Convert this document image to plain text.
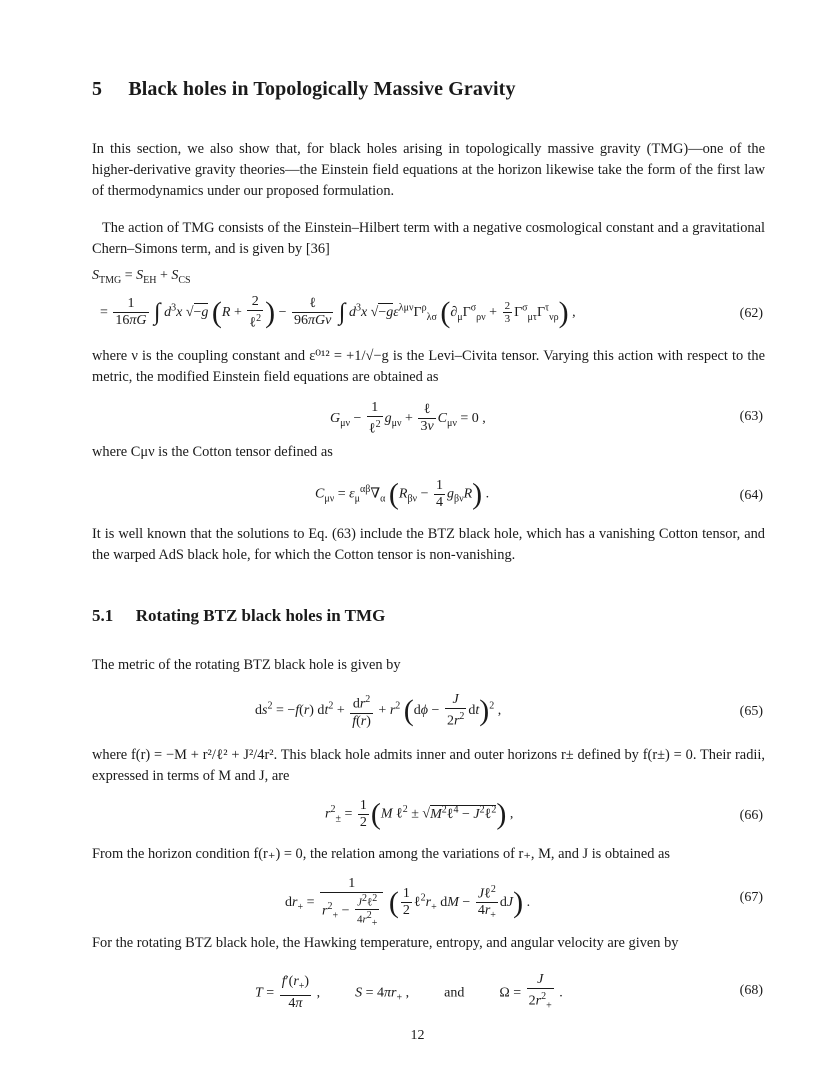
5 Black holes in Topologically Massive Gravity
In this section, we also show that, for black holes arising in topologically massive gravity (TMG)—one of the higher-derivative gravity theories—the Einstein field equations at the horizon likewise take the form of the first law of thermodynamics under our proposed formulation.
The action of TMG consists of the Einstein–Hilbert term with a negative cosmological constant and a gravitational Chern–Simons term, and is given by [36]
$S_{TMG} = S_{EH} + S_{CS}$
= $\frac{1}{16\pi G}$ ∫ $d^3x$ √−g ($R + \frac{2}{\ell^2}$ ) − $\frac{\text{ℓ}}{\text{96πGν}}$ ∫ $d^3x$ $√-g\varepsilon^{\lambda\mu\nu}\Gamma^\rho_{\lambda\sigma}$ $(\partial_\mu\Gamma^\sigma_{\rho\nu} + \frac{2}{3} \Gamma^\sigma_{\mu\tau}\Gamma^\tau_{\nu\rho})$ ,	(62)
where ν is the coupling constant and ε⁰¹² = +1/√−g is the Levi–Civita tensor. Varying this action with respect to the metric, the modified Einstein field equations are obtained as
$G_{\mu\nu} - \frac{1}{\ell^2} g_{\mu\nu} + \frac{\text{ℓ}}{3\nu} C_{\mu\nu} = 0$ ,	(63)
where Cμν is the Cotton tensor defined as
$C_{\mu\nu} = \varepsilon_\mu^{\alpha\beta}\nabla_\alpha$ $(R_{\beta\nu} - \frac{1}{4} g_{\beta\nu}R)$ .	(64)
It is well known that the solutions to Eq. (63) include the BTZ black hole, which has a vanishing Cotton tensor, and the warped AdS black hole, for which the Cotton tensor is non-vanishing.
5.1 Rotating BTZ black holes in TMG
The metric of the rotating BTZ black hole is given by
$ds^2 = -f(r) dt^2 + \frac{dr^2}{f(r)} + r^2$ $(d\phi - \frac{J}{2r^2} dt)^2$ ,	(65)
where f(r) = −M + r²/ℓ² + J²/4r². This black hole admits inner and outer horizons r± defined by f(r±) = 0. Their radii, expressed in terms of M and J, are
$r^2_\pm = \frac{1}{2} (M$ ℓ$^2$ ± $√M^2\ell^4$ − $J^2\ell^2$) ,	(66)
From the horizon condition f(r₊) = 0, the relation among the variations of r₊, M, and J is obtained as
$dr_+ = \frac{1}{r^2_+ - \frac{J^2\ell^2}{4r^2_+}}$ ( $\frac{1}{2}$ $\ell^2r_+$ dM − $\frac{J\ell^2}{4r_+} dJ$) .	(67)
For the rotating BTZ black hole, the Hawking temperature, entropy, and angular velocity are given by
$T = \frac{f'(r_+)}{4\pi}$ ,  $S = 4\pi r_+$ ,  and  $\Omega = \frac{J}{2r^2_+}$ .	(68)
12
